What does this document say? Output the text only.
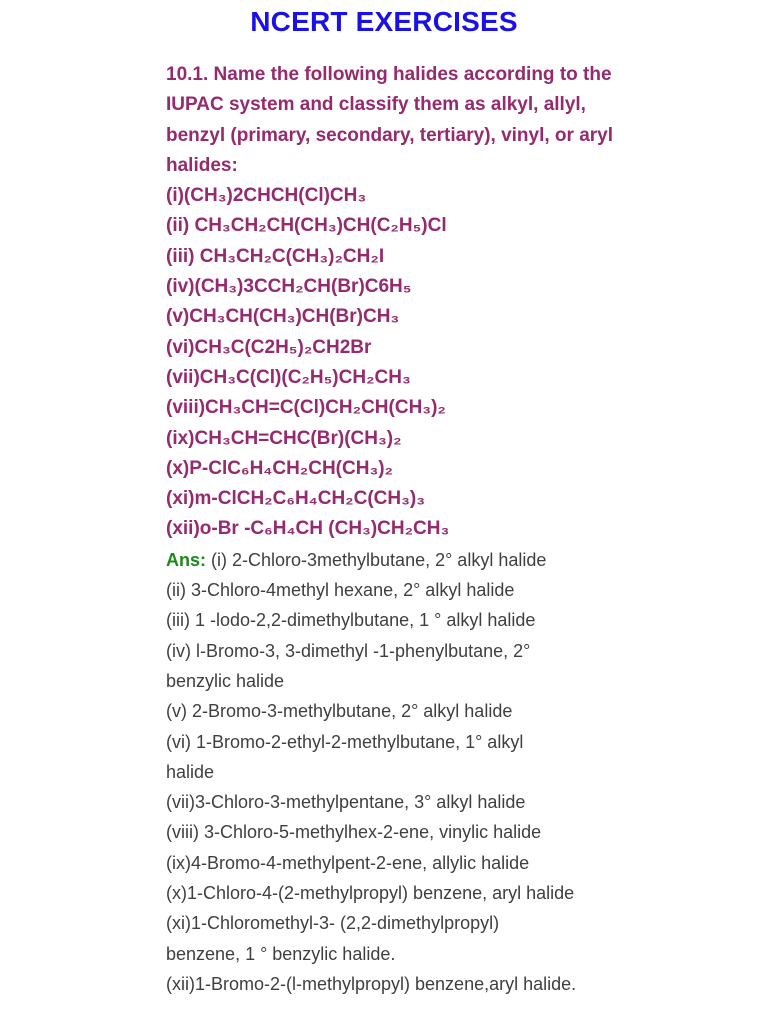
NCERT EXERCISES
10.1. Name the following halides according to the
IUPAC system and classify them as alkyl, allyl,
benzyl (primary, secondary, tertiary), vinyl, or aryl
halides:
(i)(CH₃)2CHCH(Cl)CH₃
(ii) CH₃CH₂CH(CH₃)CH(C₂H₅)Cl
(iii) CH₃CH₂C(CH₃)₂CH₂I
(iv)(CH₃)3CCH₂CH(Br)C6H₅
(v)CH₃CH(CH₃)CH(Br)CH₃
(vi)CH₃C(C2H₅)₂CH2Br
(vii)CH₃C(Cl)(C₂H₅)CH₂CH₃
(viii)CH₃CH=C(Cl)CH₂CH(CH₃)₂
(ix)CH₃CH=CHC(Br)(CH₃)₂
(x)P-ClC₆H₄CH₂CH(CH₃)₂
(xi)m-ClCH₂C₆H₄CH₂C(CH₃)₃
(xii)o-Br -C₆H₄CH (CH₃)CH₂CH₃
Ans: (i) 2-Chloro-3methylbutane, 2° alkyl halide
(ii) 3-Chloro-4methyl hexane, 2° alkyl halide
(iii) 1 -lodo-2,2-dimethylbutane, 1 ° alkyl halide
(iv) l-Bromo-3, 3-dimethyl -1-phenylbutane, 2°
benzylic halide
(v) 2-Bromo-3-methylbutane, 2° alkyl halide
(vi) 1-Bromo-2-ethyl-2-methylbutane, 1° alkyl
halide
(vii)3-Chloro-3-methylpentane, 3° alkyl halide
(viii) 3-Chloro-5-methylhex-2-ene, vinylic halide
(ix)4-Bromo-4-methylpent-2-ene, allylic halide
(x)1-Chloro-4-(2-methylpropyl) benzene, aryl halide
(xi)1-Chloromethyl-3- (2,2-dimethylpropyl)
benzene, 1 ° benzylic halide.
(xii)1-Bromo-2-(l-methylpropyl) benzene,aryl halide.
